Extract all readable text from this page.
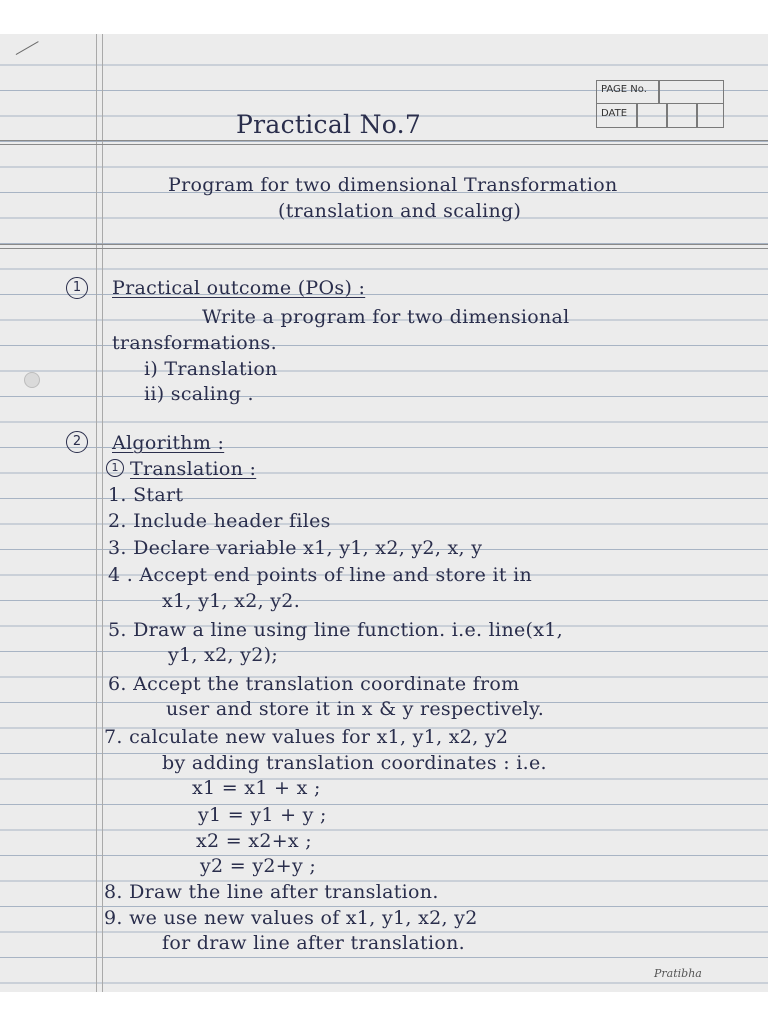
PAGE No.
DATE
Practical No.7
Program for two dimensional Transformation
(translation and scaling)
1	Practical outcome (POs) :
Write a program for two dimensional
transformations.
i) Translation
ii) scaling .
2	Algorithm :
1 Translation :
1. Start
2. Include header files
3. Declare variable x1, y1, x2, y2, x, y
4 . Accept end points of line and store it in
x1, y1, x2, y2.
5. Draw a line using line function. i.e. line(x1,
y1, x2, y2);
6. Accept the translation coordinate from
user and store it in x & y respectively.
7. calculate new values for x1, y1, x2, y2
by adding translation coordinates : i.e.
x1 = x1 + x ;
y1 = y1 + y ;
x2 = x2+x ;
y2 = y2+y ;
8. Draw the line after translation.
9. we use new values of x1, y1, x2, y2
for draw line after translation.
Pratibha
